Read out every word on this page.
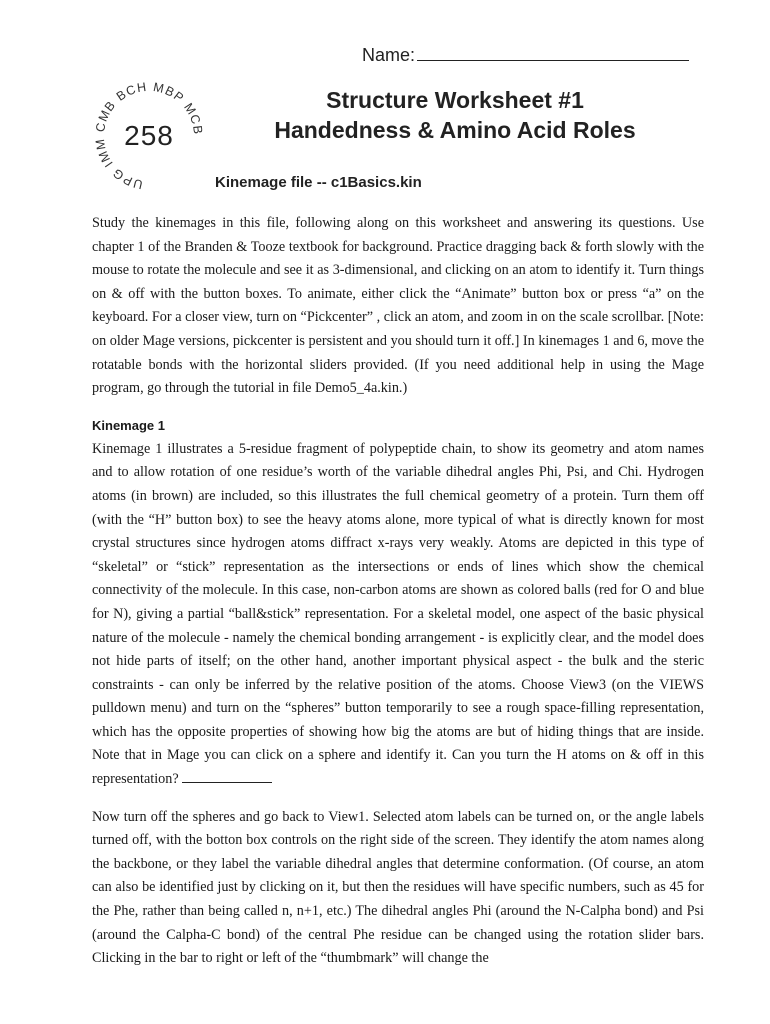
Name:
UPG IMM CMB BCH MBP MCB
258
Structure Worksheet #1
Handedness & Amino Acid Roles
Kinemage file -- c1Basics.kin

Study the kinemages in this file, following along on this worksheet and answering its questions. Use chapter 1 of the Branden & Tooze textbook for background. Practice dragging back & forth slowly with the mouse to rotate the molecule and see it as 3-dimensional, and clicking on an atom to identify it. Turn things on & off with the button boxes. To animate, either click the “Animate” button box or press “a” on the keyboard. For a closer view, turn on “Pickcenter” , click an atom, and zoom in on the scale scrollbar. [Note: on older Mage versions, pickcenter is persistent and you should turn it off.] In kinemages 1 and 6, move the rotatable bonds with the horizontal sliders provided. (If you need additional help in using the Mage program, go through the tutorial in file Demo5_4a.kin.)

Kinemage 1

Kinemage 1 illustrates a 5-residue fragment of polypeptide chain, to show its geometry and atom names and to allow rotation of one residue’s worth of the variable dihedral angles Phi, Psi, and Chi. Hydrogen atoms (in brown) are included, so this illustrates the full chemical geometry of a protein. Turn them off (with the “H” button box) to see the heavy atoms alone, more typical of what is directly known for most crystal structures since hydrogen atoms diffract x-rays very weakly. Atoms are depicted in this type of “skeletal” or “stick” representation as the intersections or ends of lines which show the chemical connectivity of the molecule. In this case, non-carbon atoms are shown as colored balls (red for O and blue for N), giving a partial “ball&stick” representation. For a skeletal model, one aspect of the basic physical nature of the molecule - namely the chemical bonding arrangement - is explicitly clear, and the model does not hide parts of itself; on the other hand, another important physical aspect - the bulk and the steric constraints - can only be inferred by the relative position of the atoms. Choose View3 (on the VIEWS pulldown menu) and turn on the “spheres” button temporarily to see a rough space-filling representation, which has the opposite properties of showing how big the atoms are but of hiding things that are inside. Note that in Mage you can click on a sphere and identify it. Can you turn the H atoms on & off in this representation?

Now turn off the spheres and go back to View1. Selected atom labels can be turned on, or the angle labels turned off, with the botton box controls on the right side of the screen. They identify the atom names along the backbone, or they label the variable dihedral angles that determine conformation. (Of course, an atom can also be identified just by clicking on it, but then the residues will have specific numbers, such as 45 for the Phe, rather than being called n, n+1, etc.) The dihedral angles Phi (around the N-Calpha bond) and Psi (around the Calpha-C bond) of the central Phe residue can be changed using the rotation slider bars. Clicking in the bar to right or left of the “thumbmark” will change the
